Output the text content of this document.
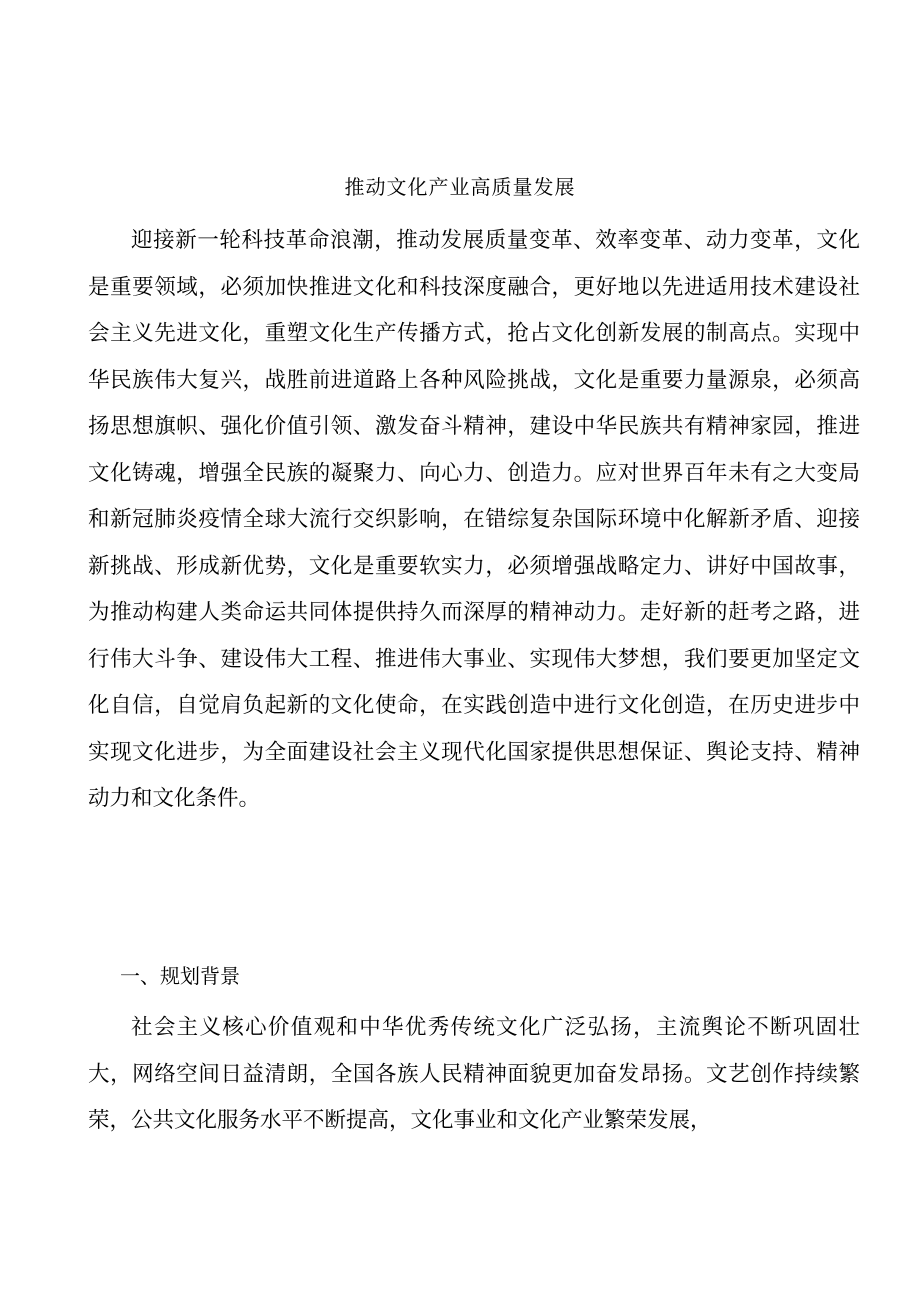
推动文化产业高质量发展

迎接新一轮科技革命浪潮，推动发展质量变革、效率变革、动力变革，文化是重要领域，必须加快推进文化和科技深度融合，更好地以先进适用技术建设社会主义先进文化，重塑文化生产传播方式，抢占文化创新发展的制高点。实现中华民族伟大复兴，战胜前进道路上各种风险挑战，文化是重要力量源泉，必须高扬思想旗帜、强化价值引领、激发奋斗精神，建设中华民族共有精神家园，推进文化铸魂，增强全民族的凝聚力、向心力、创造力。应对世界百年未有之大变局和新冠肺炎疫情全球大流行交织影响，在错综复杂国际环境中化解新矛盾、迎接新挑战、形成新优势，文化是重要软实力，必须增强战略定力、讲好中国故事，为推动构建人类命运共同体提供持久而深厚的精神动力。走好新的赶考之路，进行伟大斗争、建设伟大工程、推进伟大事业、实现伟大梦想，我们要更加坚定文化自信，自觉肩负起新的文化使命，在实践创造中进行文化创造，在历史进步中实现文化进步，为全面建设社会主义现代化国家提供思想保证、舆论支持、精神动力和文化条件。

一、规划背景

社会主义核心价值观和中华优秀传统文化广泛弘扬，主流舆论不断巩固壮大，网络空间日益清朗，全国各族人民精神面貌更加奋发昂扬。文艺创作持续繁荣，公共文化服务水平不断提高，文化事业和文化产业繁荣发展，
